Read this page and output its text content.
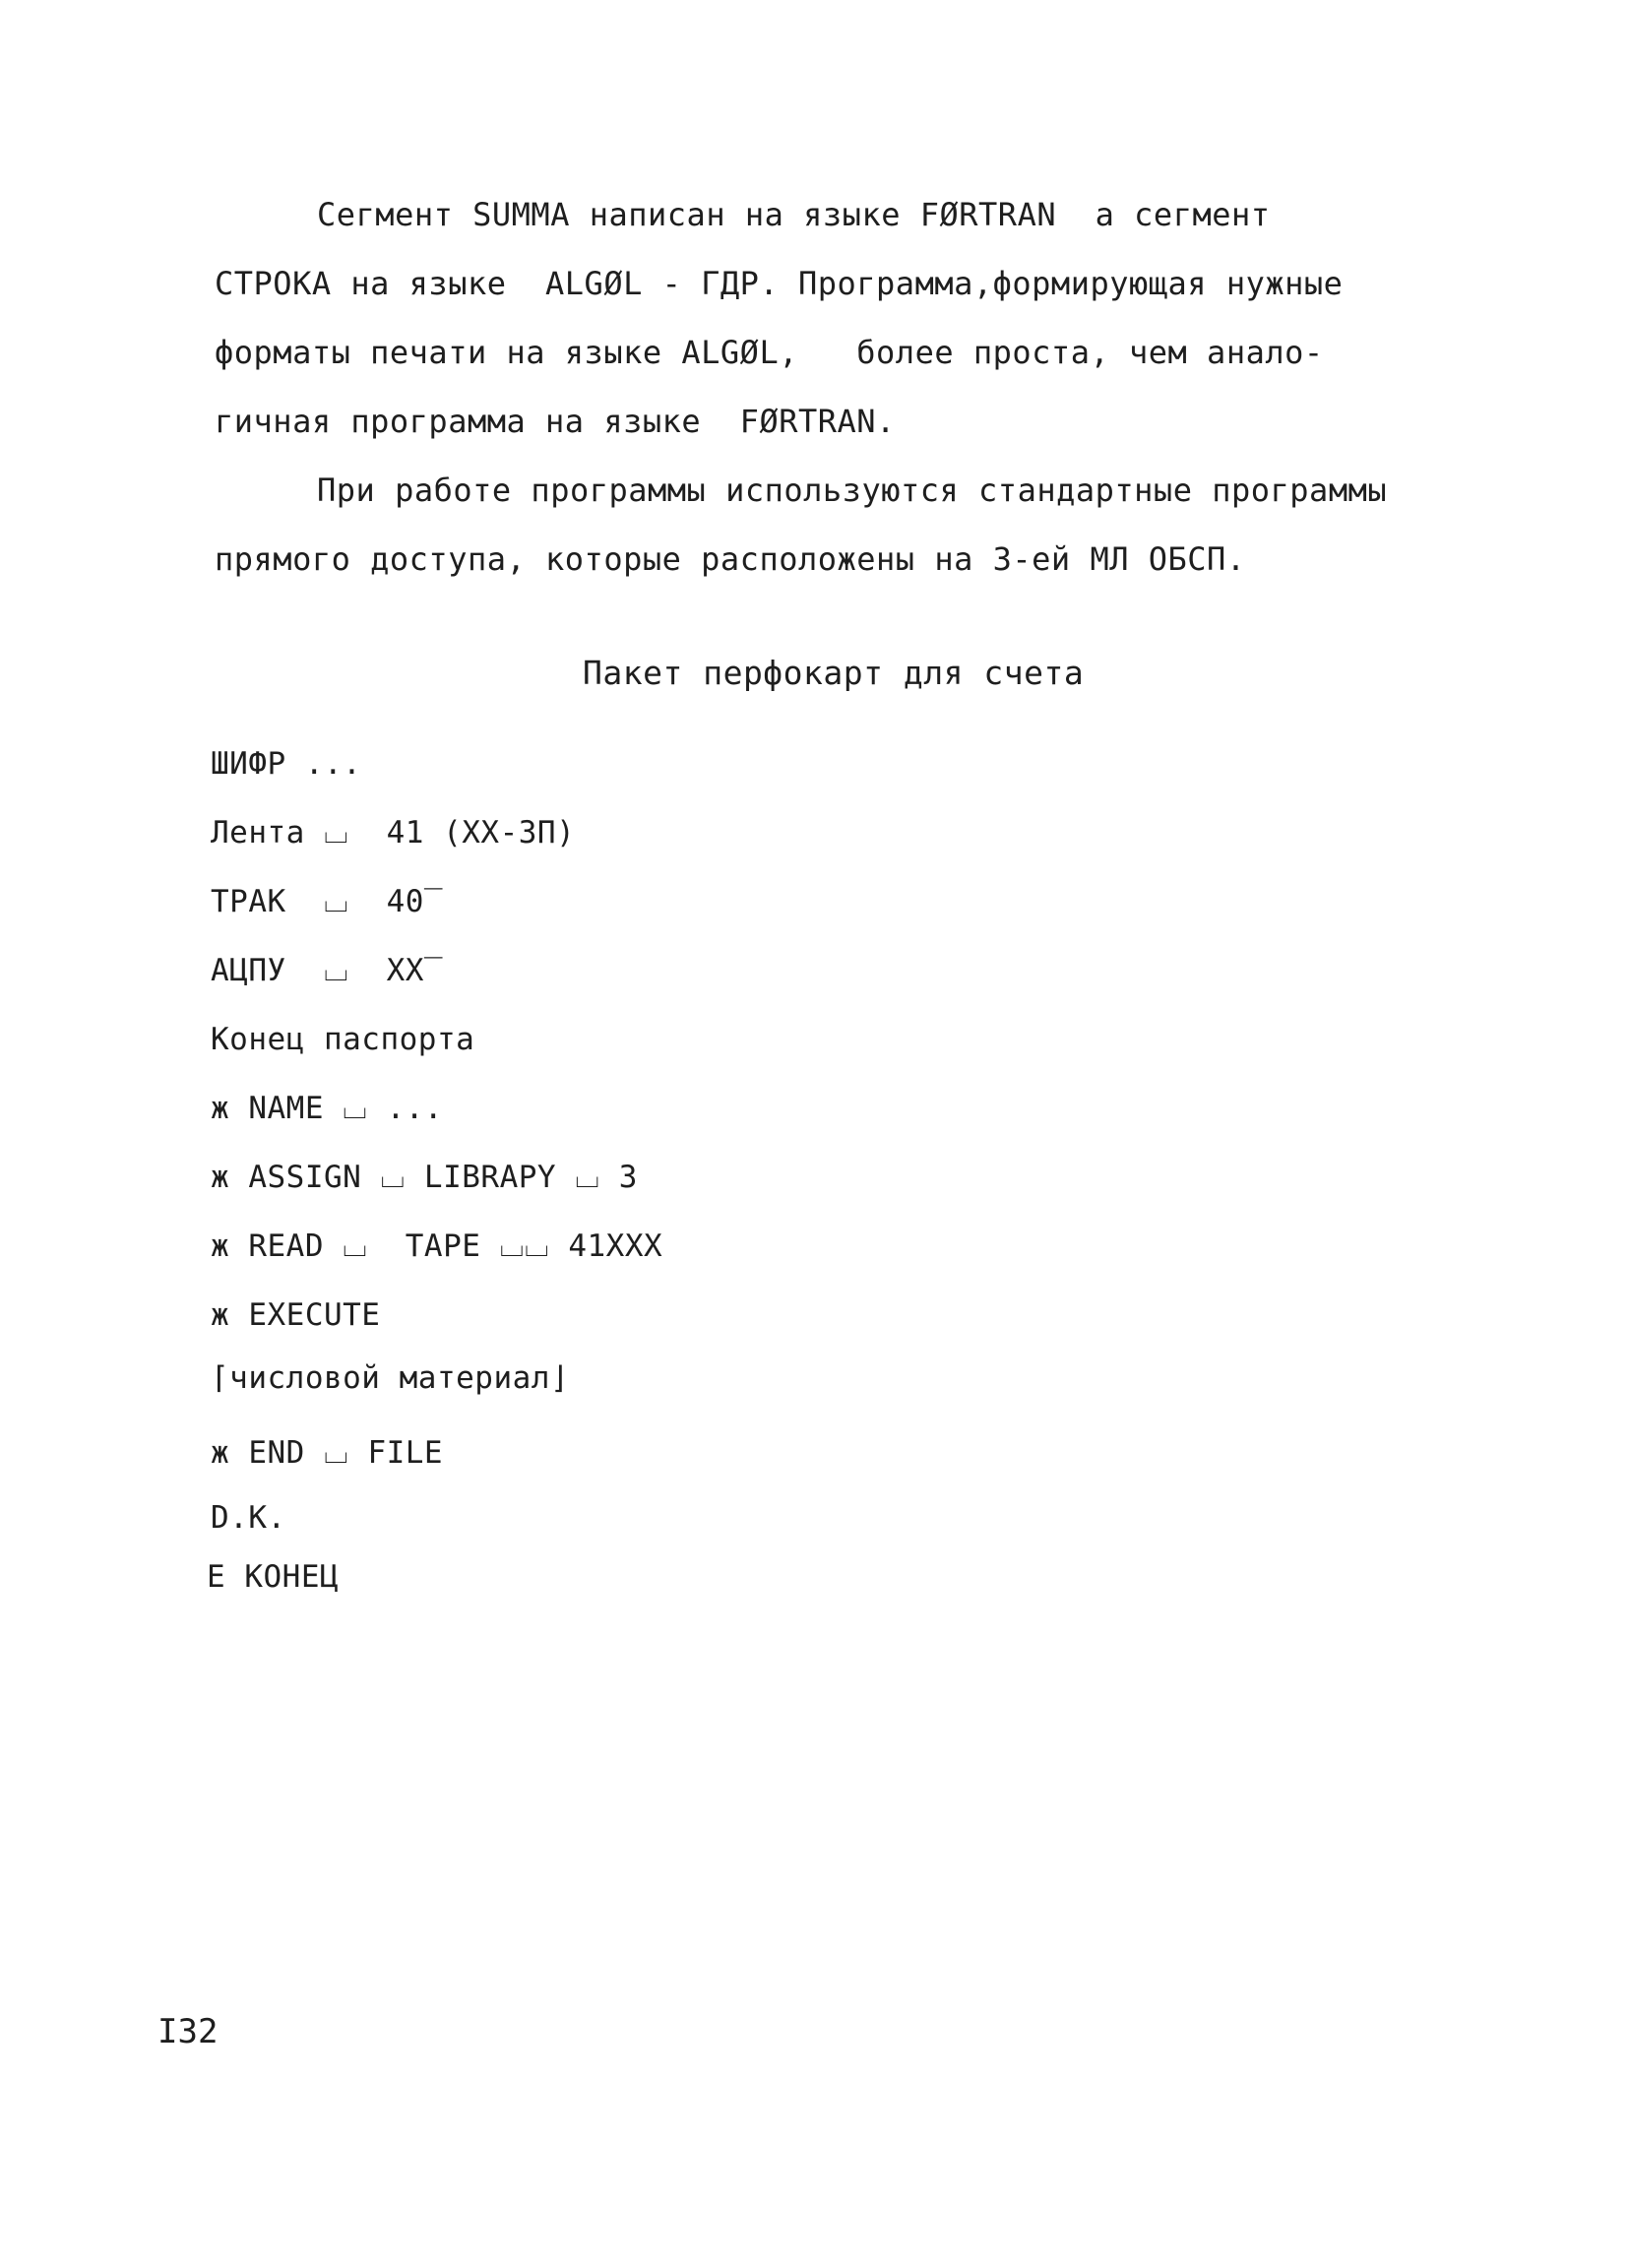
Сегмент SUMMA написан на языке FØRTRAN  а сегмент
СТРОКА на языке  ALGØL - ГДР. Программа,формирующая нужные
форматы печати на языке ALGØL,   более проста, чем анало-
гичная программа на языке  FØRTRAN.
При работе программы используются стандартные программы
прямого доступа, которые расположены на 3-ей МЛ ОБСП.
Пакет перфокарт для счета
ШИФР ...
Лента ⌴  41 (XX-3П)
ТРАК  ⌴  40‾
АЦПУ  ⌴  XX‾
Конец паспорта
ж NAME ⌴ ...
ж ASSIGN ⌴ LIBRAPY ⌴ 3
ж READ ⌴  TAPE ⌴⌴ 41XXX
ж EXECUTE
⌈числовой материал⌋
ж END ⌴ FILE
D.K.
E КОНЕЦ
I32
